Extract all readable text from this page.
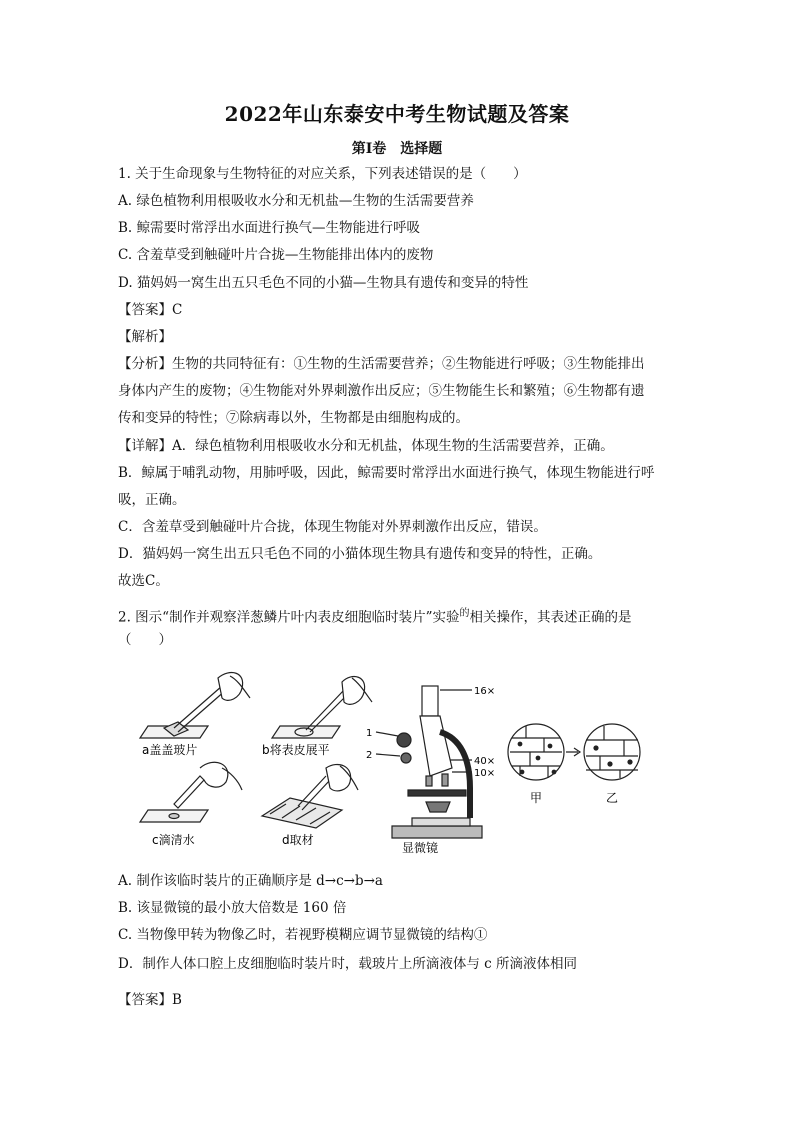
2022年山东泰安中考生物试题及答案
第Ⅰ卷　选择题
1. 关于生命现象与生物特征的对应关系，下列表述错误的是（　　）
A. 绿色植物利用根吸收水分和无机盐—生物的生活需要营养
B. 鲸需要时常浮出水面进行换气—生物能进行呼吸
C. 含羞草受到触碰叶片合拢—生物能排出体内的废物
D. 猫妈妈一窝生出五只毛色不同的小猫—生物具有遗传和变异的特性
【答案】C
【解析】
【分析】生物的共同特征有：①生物的生活需要营养；②生物能进行呼吸；③生物能排出
身体内产生的废物；④生物能对外界刺激作出反应；⑤生物能生长和繁殖；⑥生物都有遗
传和变异的特性；⑦除病毒以外，生物都是由细胞构成的。
【详解】A．绿色植物利用根吸收水分和无机盐，体现生物的生活需要营养，正确。
B．鲸属于哺乳动物，用肺呼吸，因此，鲸需要时常浮出水面进行换气，体现生物能进行呼
吸，正确。
C．含羞草受到触碰叶片合拢，体现生物能对外界刺激作出反应，错误。
D．猫妈妈一窝生出五只毛色不同的小猫体现生物具有遗传和变异的特性，正确。
故选C。
2. 图示“制作并观察洋葱鳞片叶内表皮细胞临时装片”实验$^的$相关操作，其表述正确的是
（　　）
a盖盖玻片	b将表皮展平
c滴清水	d取材
显微镜
16×
40×
10×
1
2
甲	乙
A. 制作该临时装片的正确顺序是 d→c→b→a
B. 该显微镜的最小放大倍数是 160 倍
C. 当物像甲转为物像乙时，若视野模糊应调节显微镜的结构①
D．制作人体口腔上皮细胞临时装片时，载玻片上所滴液体与 c 所滴液体相同
【答案】B
